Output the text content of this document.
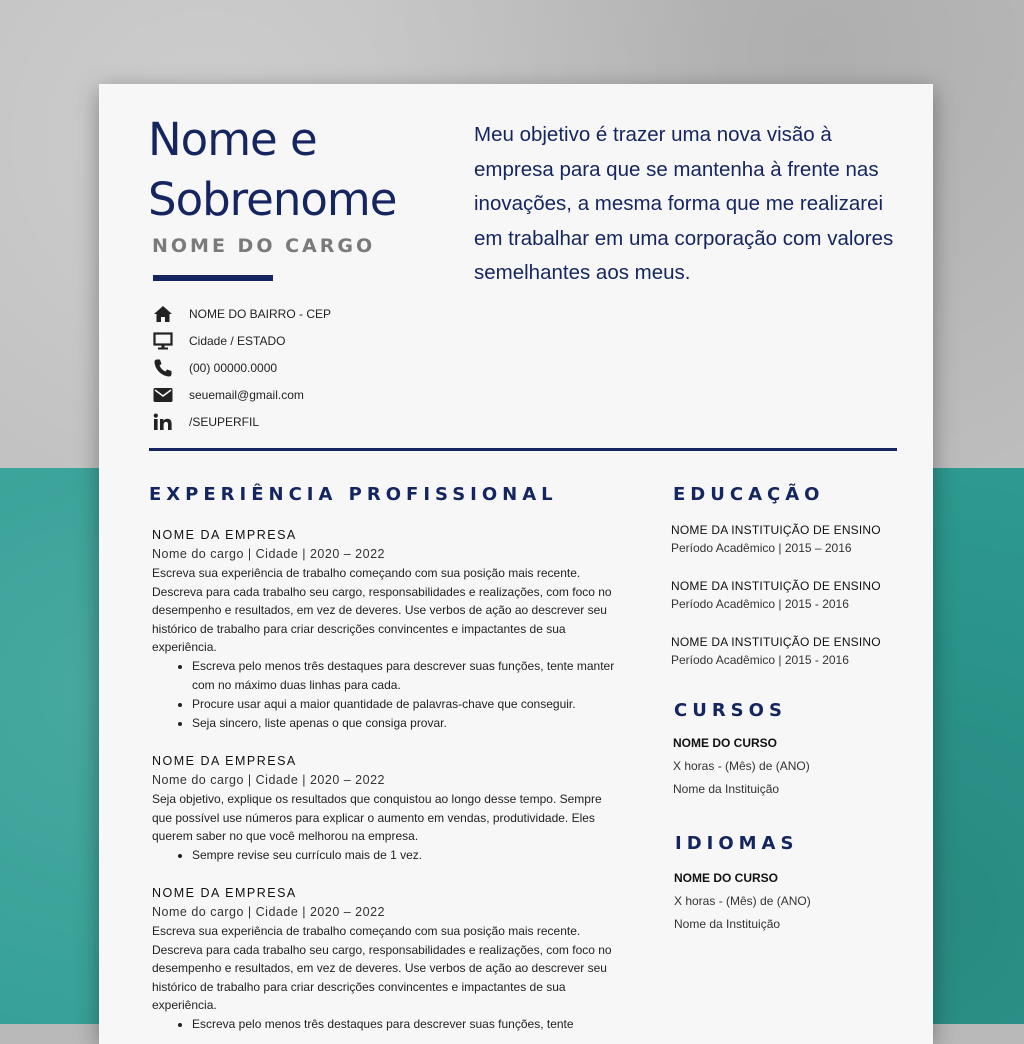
Nome e Sobrenome
NOME DO CARGO
NOME DO BAIRRO - CEP
Cidade / ESTADO
(00) 00000.0000
seuemail@gmail.com
/SEUPERFIL
Meu objetivo é trazer uma nova visão à empresa para que se mantenha à frente nas inovações, a mesma forma que me realizarei em trabalhar em uma corporação com valores semelhantes aos meus.
EXPERIÊNCIA PROFISSIONAL
NOME DA EMPRESA
Nome do cargo | Cidade | 2020 – 2022
Escreva sua experiência de trabalho começando com sua posição mais recente. Descreva para cada trabalho seu cargo, responsabilidades e realizações, com foco no desempenho e resultados, em vez de deveres. Use verbos de ação ao descrever seu histórico de trabalho para criar descrições convincentes e impactantes de sua experiência.
• Escreva pelo menos três destaques para descrever suas funções, tente manter com no máximo duas linhas para cada.
• Procure usar aqui a maior quantidade de palavras-chave que conseguir.
• Seja sincero, liste apenas o que consiga provar.
NOME DA EMPRESA
Nome do cargo | Cidade | 2020 – 2022
Seja objetivo, explique os resultados que conquistou ao longo desse tempo. Sempre que possível use números para explicar o aumento em vendas, produtividade. Eles querem saber no que você melhorou na empresa.
• Sempre revise seu currículo mais de 1 vez.
NOME DA EMPRESA
Nome do cargo | Cidade | 2020 – 2022
Escreva sua experiência de trabalho começando com sua posição mais recente. Descreva para cada trabalho seu cargo, responsabilidades e realizações, com foco no desempenho e resultados, em vez de deveres. Use verbos de ação ao descrever seu histórico de trabalho para criar descrições convincentes e impactantes de sua experiência.
• Escreva pelo menos três destaques para descrever suas funções, tente
EDUCAÇÃO
NOME DA INSTITUIÇÃO DE ENSINO
Período Acadêmico | 2015 – 2016
NOME DA INSTITUIÇÃO DE ENSINO
Período Acadêmico | 2015 - 2016
NOME DA INSTITUIÇÃO DE ENSINO
Período Acadêmico | 2015 - 2016
CURSOS
NOME DO CURSO
X horas - (Mês) de (ANO)
Nome da Instituição
IDIOMAS
NOME DO CURSO
X horas - (Mês) de (ANO)
Nome da Instituição
